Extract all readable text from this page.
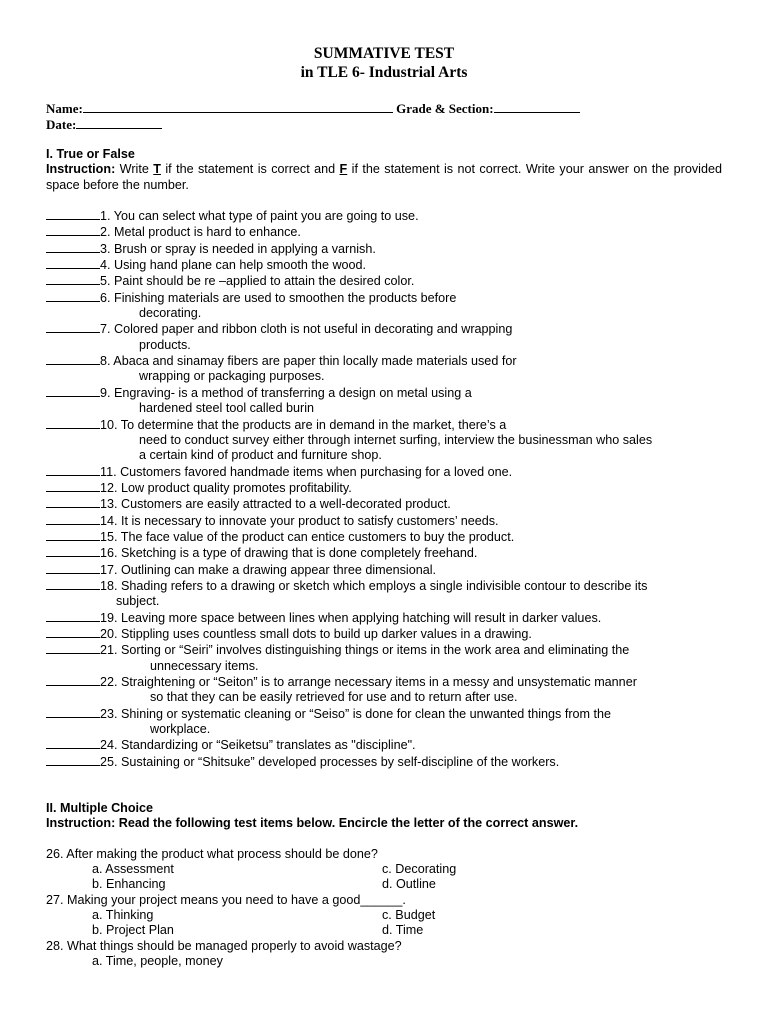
SUMMATIVE TEST
in TLE 6- Industrial Arts
Name:	Grade & Section:
Date:
I. True or False
Instruction: Write T if the statement is correct and F if the statement is not correct. Write your answer on the provided space before the number.
1. You can select what type of paint you are going to use.
2. Metal product is hard to enhance.
3. Brush or spray is needed in applying a varnish.
4. Using hand plane can help smooth the wood.
5. Paint should be re –applied to attain the desired color.
6. Finishing materials are used to smoothen the products before
decorating.
7. Colored paper and ribbon cloth is not useful in decorating and wrapping
products.
8. Abaca and sinamay fibers are paper thin locally made materials used for
wrapping or packaging purposes.
9. Engraving- is a method of transferring a design on metal using a
hardened steel tool called burin
10. To determine that the products are in demand in the market, there’s a
need to conduct survey either through internet surfing, interview the businessman who sales
a certain kind of product and furniture shop.
11. Customers favored handmade items when purchasing for a loved one.
12. Low product quality promotes profitability.
13. Customers are easily attracted to a well-decorated product.
14. It is necessary to innovate your product to satisfy customers’ needs.
15. The face value of the product can entice customers to buy the product.
16. Sketching is a type of drawing that is done completely freehand.
17. Outlining can make a drawing appear three dimensional.
18. Shading refers to a drawing or sketch which employs a single indivisible contour to describe its
subject.
19. Leaving more space between lines when applying hatching will result in darker values.
20. Stippling uses countless small dots to build up darker values in a drawing.
21. Sorting or “Seiri” involves distinguishing things or items in the work area and eliminating the
unnecessary items.
22. Straightening or “Seiton” is to arrange necessary items in a messy and unsystematic manner
so that they can be easily retrieved for use and to return after use.
23. Shining or systematic cleaning or “Seiso” is done for clean the unwanted things from the
workplace.
24. Standardizing or “Seiketsu” translates as "discipline".
25. Sustaining or “Shitsuke” developed processes by self-discipline of the workers.
II. Multiple Choice
Instruction: Read the following test items below. Encircle the letter of the correct answer.
26. After making the product what process should be done?
a. Assessment	c. Decorating
b. Enhancing	d. Outline
27. Making your project means you need to have a good______.
a. Thinking	c. Budget
b. Project Plan	d. Time
28. What things should be managed properly to avoid wastage?
a. Time, people, money
